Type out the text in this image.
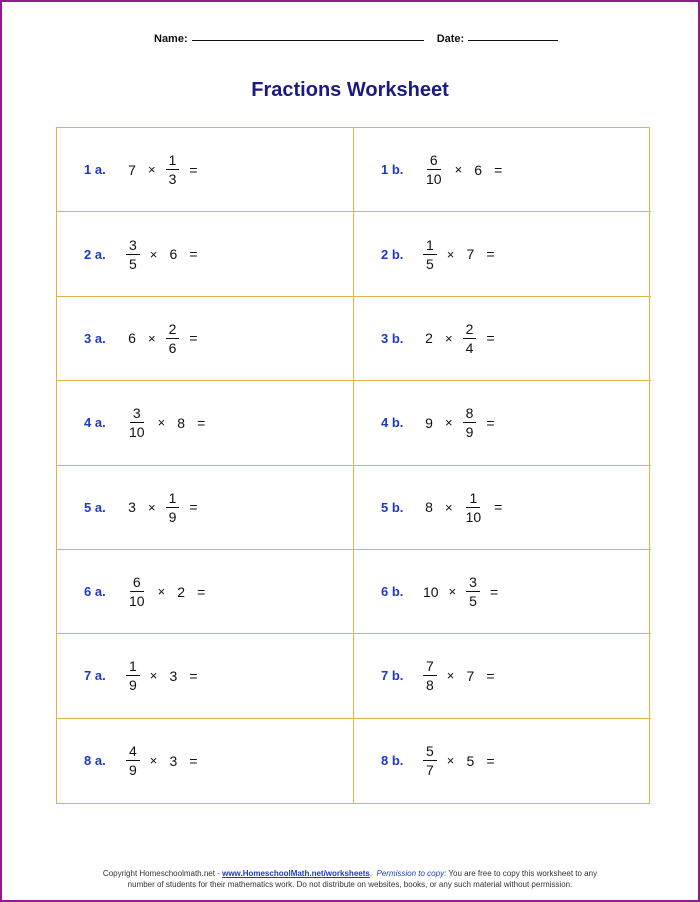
Name:	Date:
Fractions Worksheet
1 a.	$7 \times \frac{1}{3}$ =	1 b.	$\frac{6}{10} \times 6$ =
2 a.	$\frac{3}{5} \times 6$ =	2 b.	$\frac{1}{5} \times 7$ =
3 a.	$6 \times \frac{2}{6}$ =	3 b.	$2 \times \frac{2}{4}$ =
4 a.	$\frac{3}{10} \times 8$ =	4 b.	$9 \times \frac{8}{9}$ =
5 a.	$3 \times \frac{1}{9}$ =	5 b.	$8 \times \frac{1}{10}$ =
6 a.	$\frac{6}{10} \times 2$ =	6 b.	$10 \times \frac{3}{5}$ =
7 a.	$\frac{1}{9} \times 3$ =	7 b.	$\frac{7}{8} \times 7$ =
8 a.	$\frac{4}{9} \times 3$ =	8 b.	$\frac{5}{7} \times 5$ =
Copyright Homeschoolmath.net - www.HomeschoolMath.net/worksheets.  Permission to copy: You are free to copy this worksheet to any
number of students for their mathematics work. Do not distribute on websites, books, or any such material without permission.
